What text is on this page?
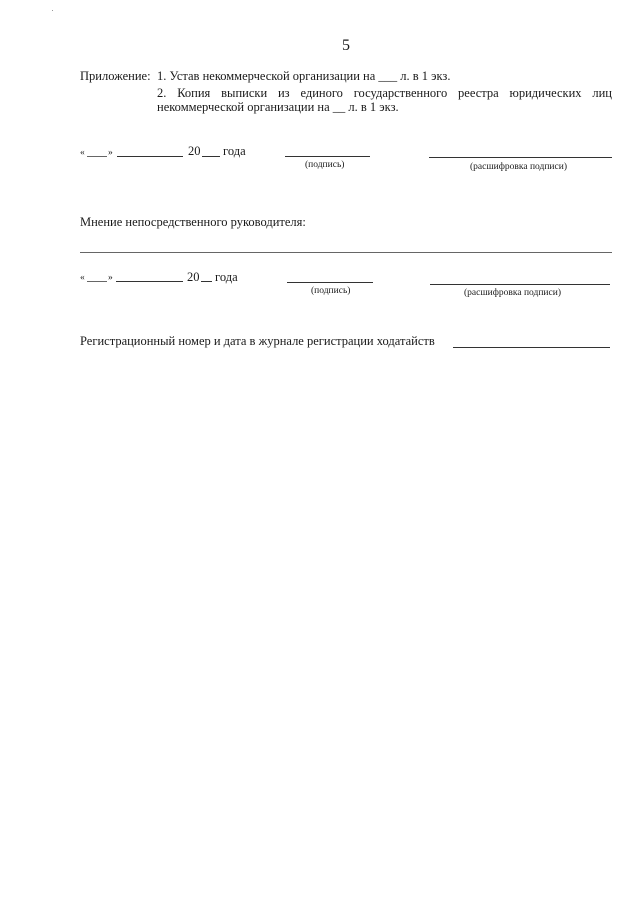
5
Приложение: 1. Устав некоммерческой организации на ___ л. в 1 экз.
2. Копия выписки из единого государственного реестра юридических лиц
некоммерческой организации на __ л. в 1 экз.
« »	20 года
(подпись)	(расшифровка подписи)
Мнение непосредственного руководителя:
« »	20 года
(подпись)	(расшифровка подписи)
Регистрационный номер и дата в журнале регистрации ходатайств
